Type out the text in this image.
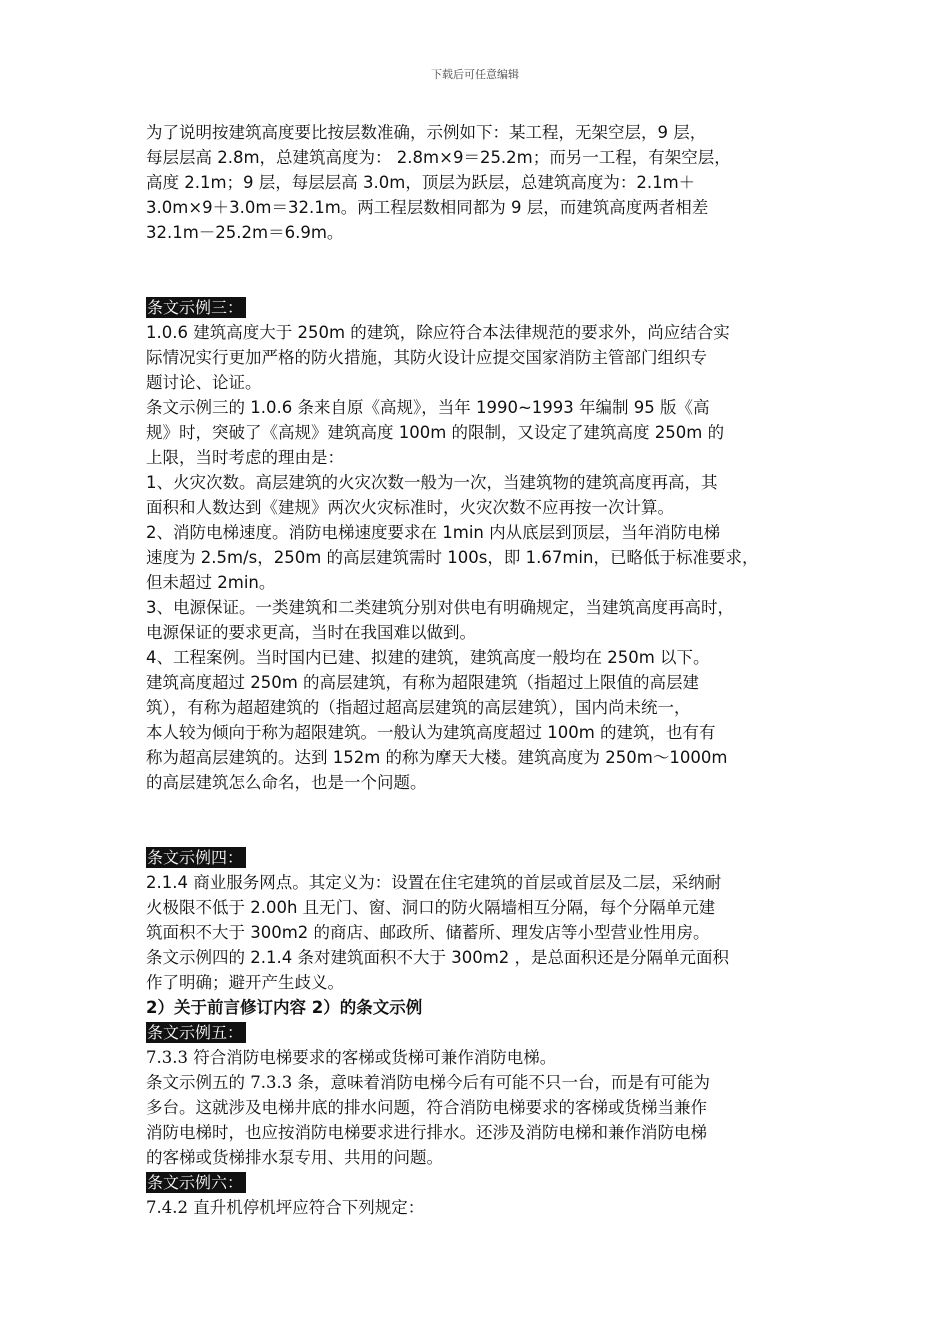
下载后可任意编辑

为了说明按建筑高度要比按层数准确，示例如下：某工程，无架空层，9 层，

每层层高 2.8m，总建筑高度为： 2.8m×9＝25.2m；而另一工程，有架空层，

高度 2.1m；9 层，每层层高 3.0m，顶层为跃层，总建筑高度为：2.1m＋

3.0m×9＋3.0m＝32.1m。两工程层数相同都为 9 层，而建筑高度两者相差

32.1m－25.2m＝6.9m。

条文示例三：

1.0.6 建筑高度大于 250m 的建筑，除应符合本法律规范的要求外，尚应结合实

际情况实行更加严格的防火措施，其防火设计应提交国家消防主管部门组织专

题讨论、论证。

条文示例三的 1.0.6 条来自原《高规》，当年 1990~1993 年编制 95 版《高

规》时，突破了《高规》建筑高度 100m 的限制，又设定了建筑高度 250m 的

上限，当时考虑的理由是：

1、火灾次数。高层建筑的火灾次数一般为一次，当建筑物的建筑高度再高，其

面积和人数达到《建规》两次火灾标准时，火灾次数不应再按一次计算。

2、消防电梯速度。消防电梯速度要求在 1min 内从底层到顶层，当年消防电梯

速度为 2.5m/s，250m 的高层建筑需时 100s，即 1.67min，已略低于标准要求，

但未超过 2min。

3、电源保证。一类建筑和二类建筑分别对供电有明确规定，当建筑高度再高时，

电源保证的要求更高，当时在我国难以做到。

4、工程案例。当时国内已建、拟建的建筑，建筑高度一般均在 250m 以下。

建筑高度超过 250m 的高层建筑，有称为超限建筑（指超过上限值的高层建

筑），有称为超超建筑的（指超过超高层建筑的高层建筑），国内尚未统一，

本人较为倾向于称为超限建筑。一般认为建筑高度超过 100m 的建筑，也有有

称为超高层建筑的。达到 152m 的称为摩天大楼。建筑高度为 250m～1000m

的高层建筑怎么命名，也是一个问题。

条文示例四：

2.1.4 商业服务网点。其定义为：设置在住宅建筑的首层或首层及二层，采纳耐

火极限不低于 2.00h 且无门、窗、洞口的防火隔墙相互分隔，每个分隔单元建

筑面积不大于 300m2 的商店、邮政所、储蓄所、理发店等小型营业性用房。

条文示例四的 2.1.4 条对建筑面积不大于 300m2 ，是总面积还是分隔单元面积

作了明确；避开产生歧义。

2）关于前言修订内容 2）的条文示例

条文示例五：

7.3.3 符合消防电梯要求的客梯或货梯可兼作消防电梯。

条文示例五的 7.3.3 条，意味着消防电梯今后有可能不只一台，而是有可能为

多台。这就涉及电梯井底的排水问题，符合消防电梯要求的客梯或货梯当兼作

消防电梯时，也应按消防电梯要求进行排水。还涉及消防电梯和兼作消防电梯

的客梯或货梯排水泵专用、共用的问题。

条文示例六：

7.4.2 直升机停机坪应符合下列规定：
